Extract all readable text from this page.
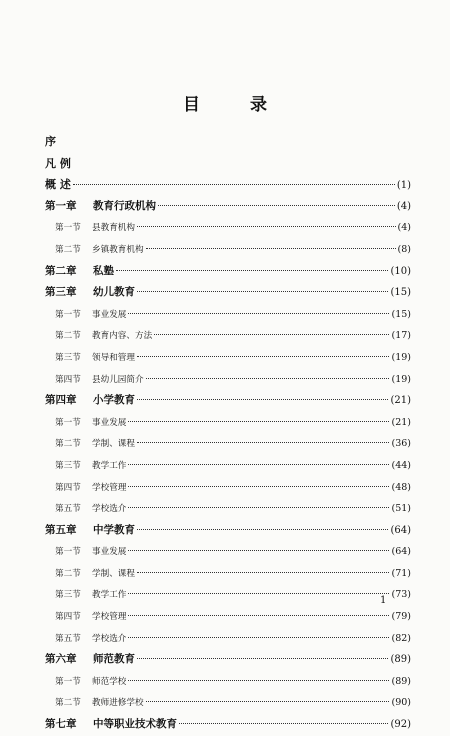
目 录
序
凡 例
概 述	(1)
第一章	教育行政机构	(4)
第一节	县教育机构	(4)
第二节	乡镇教育机构	(8)
第二章	私塾	(10)
第三章	幼儿教育	(15)
第一节	事业发展	(15)
第二节	教育内容、方法	(17)
第三节	领导和管理	(19)
第四节	县幼儿园简介	(19)
第四章	小学教育	(21)
第一节	事业发展	(21)
第二节	学制、课程	(36)
第三节	教学工作	(44)
第四节	学校管理	(48)
第五节	学校选介	(51)
第五章	中学教育	(64)
第一节	事业发展	(64)
第二节	学制、课程	(71)
第三节	教学工作	(73)
第四节	学校管理	(79)
第五节	学校选介	(82)
第六章	师范教育	(89)
第一节	师范学校	(89)
第二节	教师进修学校	(90)
第七章	中等职业技术教育	(92)
1
